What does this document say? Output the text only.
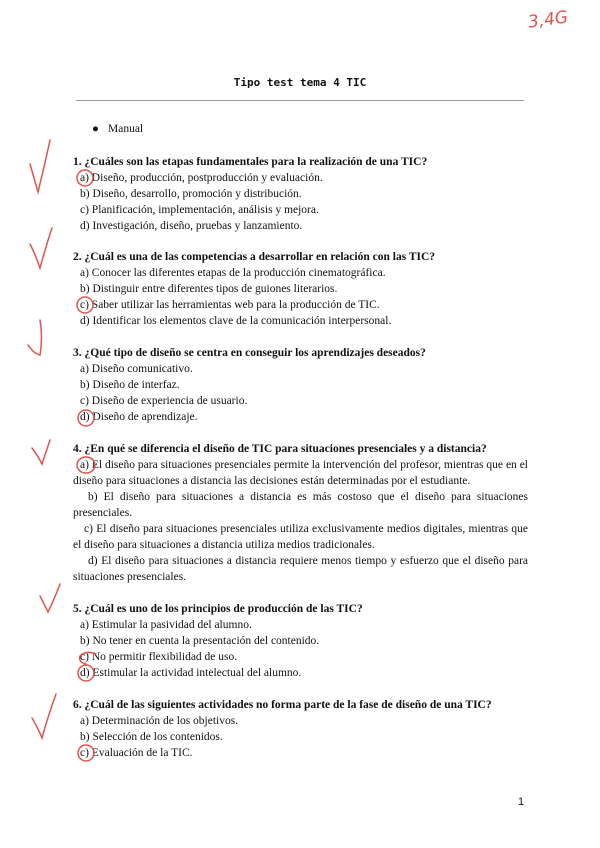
3,4G
Tipo test tema 4 TIC
● Manual
1. ¿Cuáles son las etapas fundamentales para la realización de una TIC?
a) Diseño, producción, postproducción y evaluación.
b) Diseño, desarrollo, promoción y distribución.
c) Planificación, implementación, análisis y mejora.
d) Investigación, diseño, pruebas y lanzamiento.
2. ¿Cuál es una de las competencias a desarrollar en relación con las TIC?
a) Conocer las diferentes etapas de la producción cinematográfica.
b) Distinguir entre diferentes tipos de guiones literarios.
c) Saber utilizar las herramientas web para la producción de TIC.
d) Identificar los elementos clave de la comunicación interpersonal.
3. ¿Qué tipo de diseño se centra en conseguir los aprendizajes deseados?
a) Diseño comunicativo.
b) Diseño de interfaz.
c) Diseño de experiencia de usuario.
d) Diseño de aprendizaje.
4. ¿En qué se diferencia el diseño de TIC para situaciones presenciales y a distancia?
a) El diseño para situaciones presenciales permite la intervención del profesor, mientras que en el diseño para situaciones a distancia las decisiones están determinadas por el estudiante.
b) El diseño para situaciones a distancia es más costoso que el diseño para situaciones presenciales.
c) El diseño para situaciones presenciales utiliza exclusivamente medios digitales, mientras que el diseño para situaciones a distancia utiliza medios tradicionales.
d) El diseño para situaciones a distancia requiere menos tiempo y esfuerzo que el diseño para situaciones presenciales.
5. ¿Cuál es uno de los principios de producción de las TIC?
a) Estimular la pasividad del alumno.
b) No tener en cuenta la presentación del contenido.
c) No permitir flexibilidad de uso.
d) Estimular la actividad intelectual del alumno.
6. ¿Cuál de las siguientes actividades no forma parte de la fase de diseño de una TIC?
a) Determinación de los objetivos.
b) Selección de los contenidos.
c) Evaluación de la TIC.
1
